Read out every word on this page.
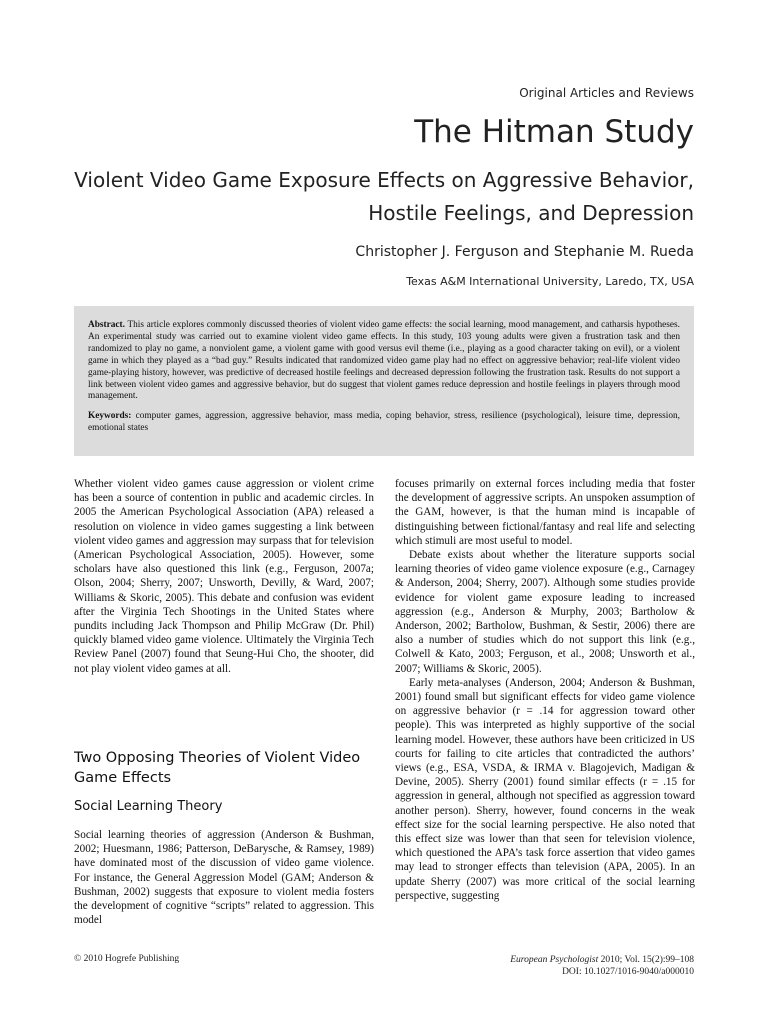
Original Articles and Reviews
The Hitman Study
Violent Video Game Exposure Effects on Aggressive Behavior, Hostile Feelings, and Depression
Christopher J. Ferguson and Stephanie M. Rueda
Texas A&M International University, Laredo, TX, USA

Abstract. This article explores commonly discussed theories of violent video game effects: the social learning, mood management, and catharsis hypotheses. An experimental study was carried out to examine violent video game effects. In this study, 103 young adults were given a frustration task and then randomized to play no game, a nonviolent game, a violent game with good versus evil theme (i.e., playing as a good character taking on evil), or a violent game in which they played as a “bad guy.” Results indicated that randomized video game play had no effect on aggressive behavior; real-life violent video game-playing history, however, was predictive of decreased hostile feelings and decreased depression following the frustration task. Results do not support a link between violent video games and aggressive behavior, but do suggest that violent games reduce depression and hostile feelings in players through mood management.

Keywords: computer games, aggression, aggressive behavior, mass media, coping behavior, stress, resilience (psychological), leisure time, depression, emotional states

Whether violent video games cause aggression or violent crime has been a source of contention in public and academic circles. In 2005 the American Psychological Association (APA) released a resolution on violence in video games suggesting a link between violent video games and aggression may surpass that for television (American Psychological Association, 2005). However, some scholars have also questioned this link (e.g., Ferguson, 2007a; Olson, 2004; Sherry, 2007; Unsworth, Devilly, & Ward, 2007; Williams & Skoric, 2005). This debate and confusion was evident after the Virginia Tech Shootings in the United States where pundits including Jack Thompson and Philip McGraw (Dr. Phil) quickly blamed video game violence. Ultimately the Virginia Tech Review Panel (2007) found that Seung-Hui Cho, the shooter, did not play violent video games at all.

Two Opposing Theories of Violent Video Game Effects
Social Learning Theory

Social learning theories of aggression (Anderson & Bushman, 2002; Huesmann, 1986; Patterson, DeBarysche, & Ramsey, 1989) have dominated most of the discussion of video game violence. For instance, the General Aggression Model (GAM; Anderson & Bushman, 2002) suggests that exposure to violent media fosters the development of cognitive “scripts” related to aggression. This model

focuses primarily on external forces including media that foster the development of aggressive scripts. An unspoken assumption of the GAM, however, is that the human mind is incapable of distinguishing between fictional/fantasy and real life and selecting which stimuli are most useful to model.

Debate exists about whether the literature supports social learning theories of video game violence exposure (e.g., Carnagey & Anderson, 2004; Sherry, 2007). Although some studies provide evidence for violent game exposure leading to increased aggression (e.g., Anderson & Murphy, 2003; Bartholow & Anderson, 2002; Bartholow, Bushman, & Sestir, 2006) there are also a number of studies which do not support this link (e.g., Colwell & Kato, 2003; Ferguson, et al., 2008; Unsworth et al., 2007; Williams & Skoric, 2005).

Early meta-analyses (Anderson, 2004; Anderson & Bushman, 2001) found small but significant effects for video game violence on aggressive behavior (r = .14 for aggression toward other people). This was interpreted as highly supportive of the social learning model. However, these authors have been criticized in US courts for failing to cite articles that contradicted the authors’ views (e.g., ESA, VSDA, & IRMA v. Blagojevich, Madigan & Devine, 2005). Sherry (2001) found similar effects (r = .15 for aggression in general, although not specified as aggression toward another person). Sherry, however, found concerns in the weak effect size for the social learning perspective. He also noted that this effect size was lower than that seen for television violence, which questioned the APA’s task force assertion that video games may lead to stronger effects than television (APA, 2005). In an update Sherry (2007) was more critical of the social learning perspective, suggesting

© 2010 Hogrefe Publishing	European Psychologist 2010; Vol. 15(2):99–108
DOI: 10.1027/1016-9040/a000010
